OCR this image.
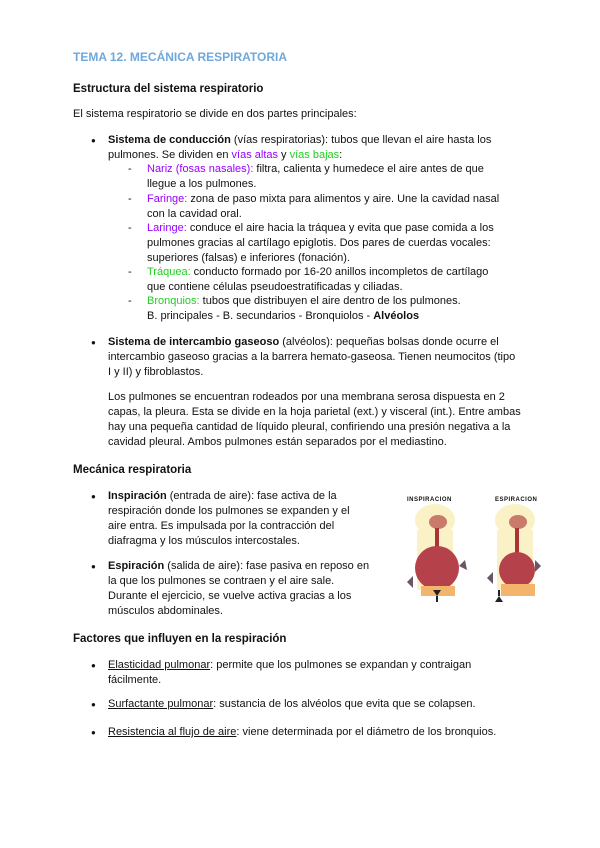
TEMA 12. MECÁNICA RESPIRATORIA
Estructura del sistema respiratorio
El sistema respiratorio se divide en dos partes principales:
● Sistema de conducción (vías respiratorias): tubos que llevan el aire hasta los pulmones. Se dividen en vías altas y vías bajas:
- Nariz (fosas nasales): filtra, calienta y humedece el aire antes de que llegue a los pulmones.
- Faringe: zona de paso mixta para alimentos y aire. Une la cavidad nasal con la cavidad oral.
- Laringe: conduce el aire hacia la tráquea y evita que pase comida a los pulmones gracias al cartílago epiglotis. Dos pares de cuerdas vocales: superiores (falsas) e inferiores (fonación).
- Tráquea: conducto formado por 16-20 anillos incompletos de cartílago que contiene células pseudoestratificadas y ciliadas.
- Bronquios: tubos que distribuyen el aire dentro de los pulmones.
B. principales - B. secundarios - Bronquiolos - Alvéolos
● Sistema de intercambio gaseoso (alvéolos): pequeñas bolsas donde ocurre el intercambio gaseoso gracias a la barrera hemato-gaseosa. Tienen neumocitos (tipo I y II) y fibroblastos.
Los pulmones se encuentran rodeados por una membrana serosa dispuesta en 2 capas, la pleura. Esta se divide en la hoja parietal (ext.) y visceral (int.). Entre ambas hay una pequeña cantidad de líquido pleural, confiriendo una presión negativa a la cavidad pleural. Ambos pulmones están separados por el mediastino.
Mecánica respiratoria
● Inspiración (entrada de aire): fase activa de la respiración donde los pulmones se expanden y el aire entra. Es impulsada por la contracción del diafragma y los músculos intercostales.
● Espiración (salida de aire): fase pasiva en reposo en la que los pulmones se contraen y el aire sale. Durante el ejercicio, se vuelve activa gracias a los músculos abdominales.
INSPIRACION	ESPIRACION
Factores que influyen en la respiración
● Elasticidad pulmonar: permite que los pulmones se expandan y contraigan fácilmente.
● Surfactante pulmonar: sustancia de los alvéolos que evita que se colapsen.
● Resistencia al flujo de aire: viene determinada por el diámetro de los bronquios.
